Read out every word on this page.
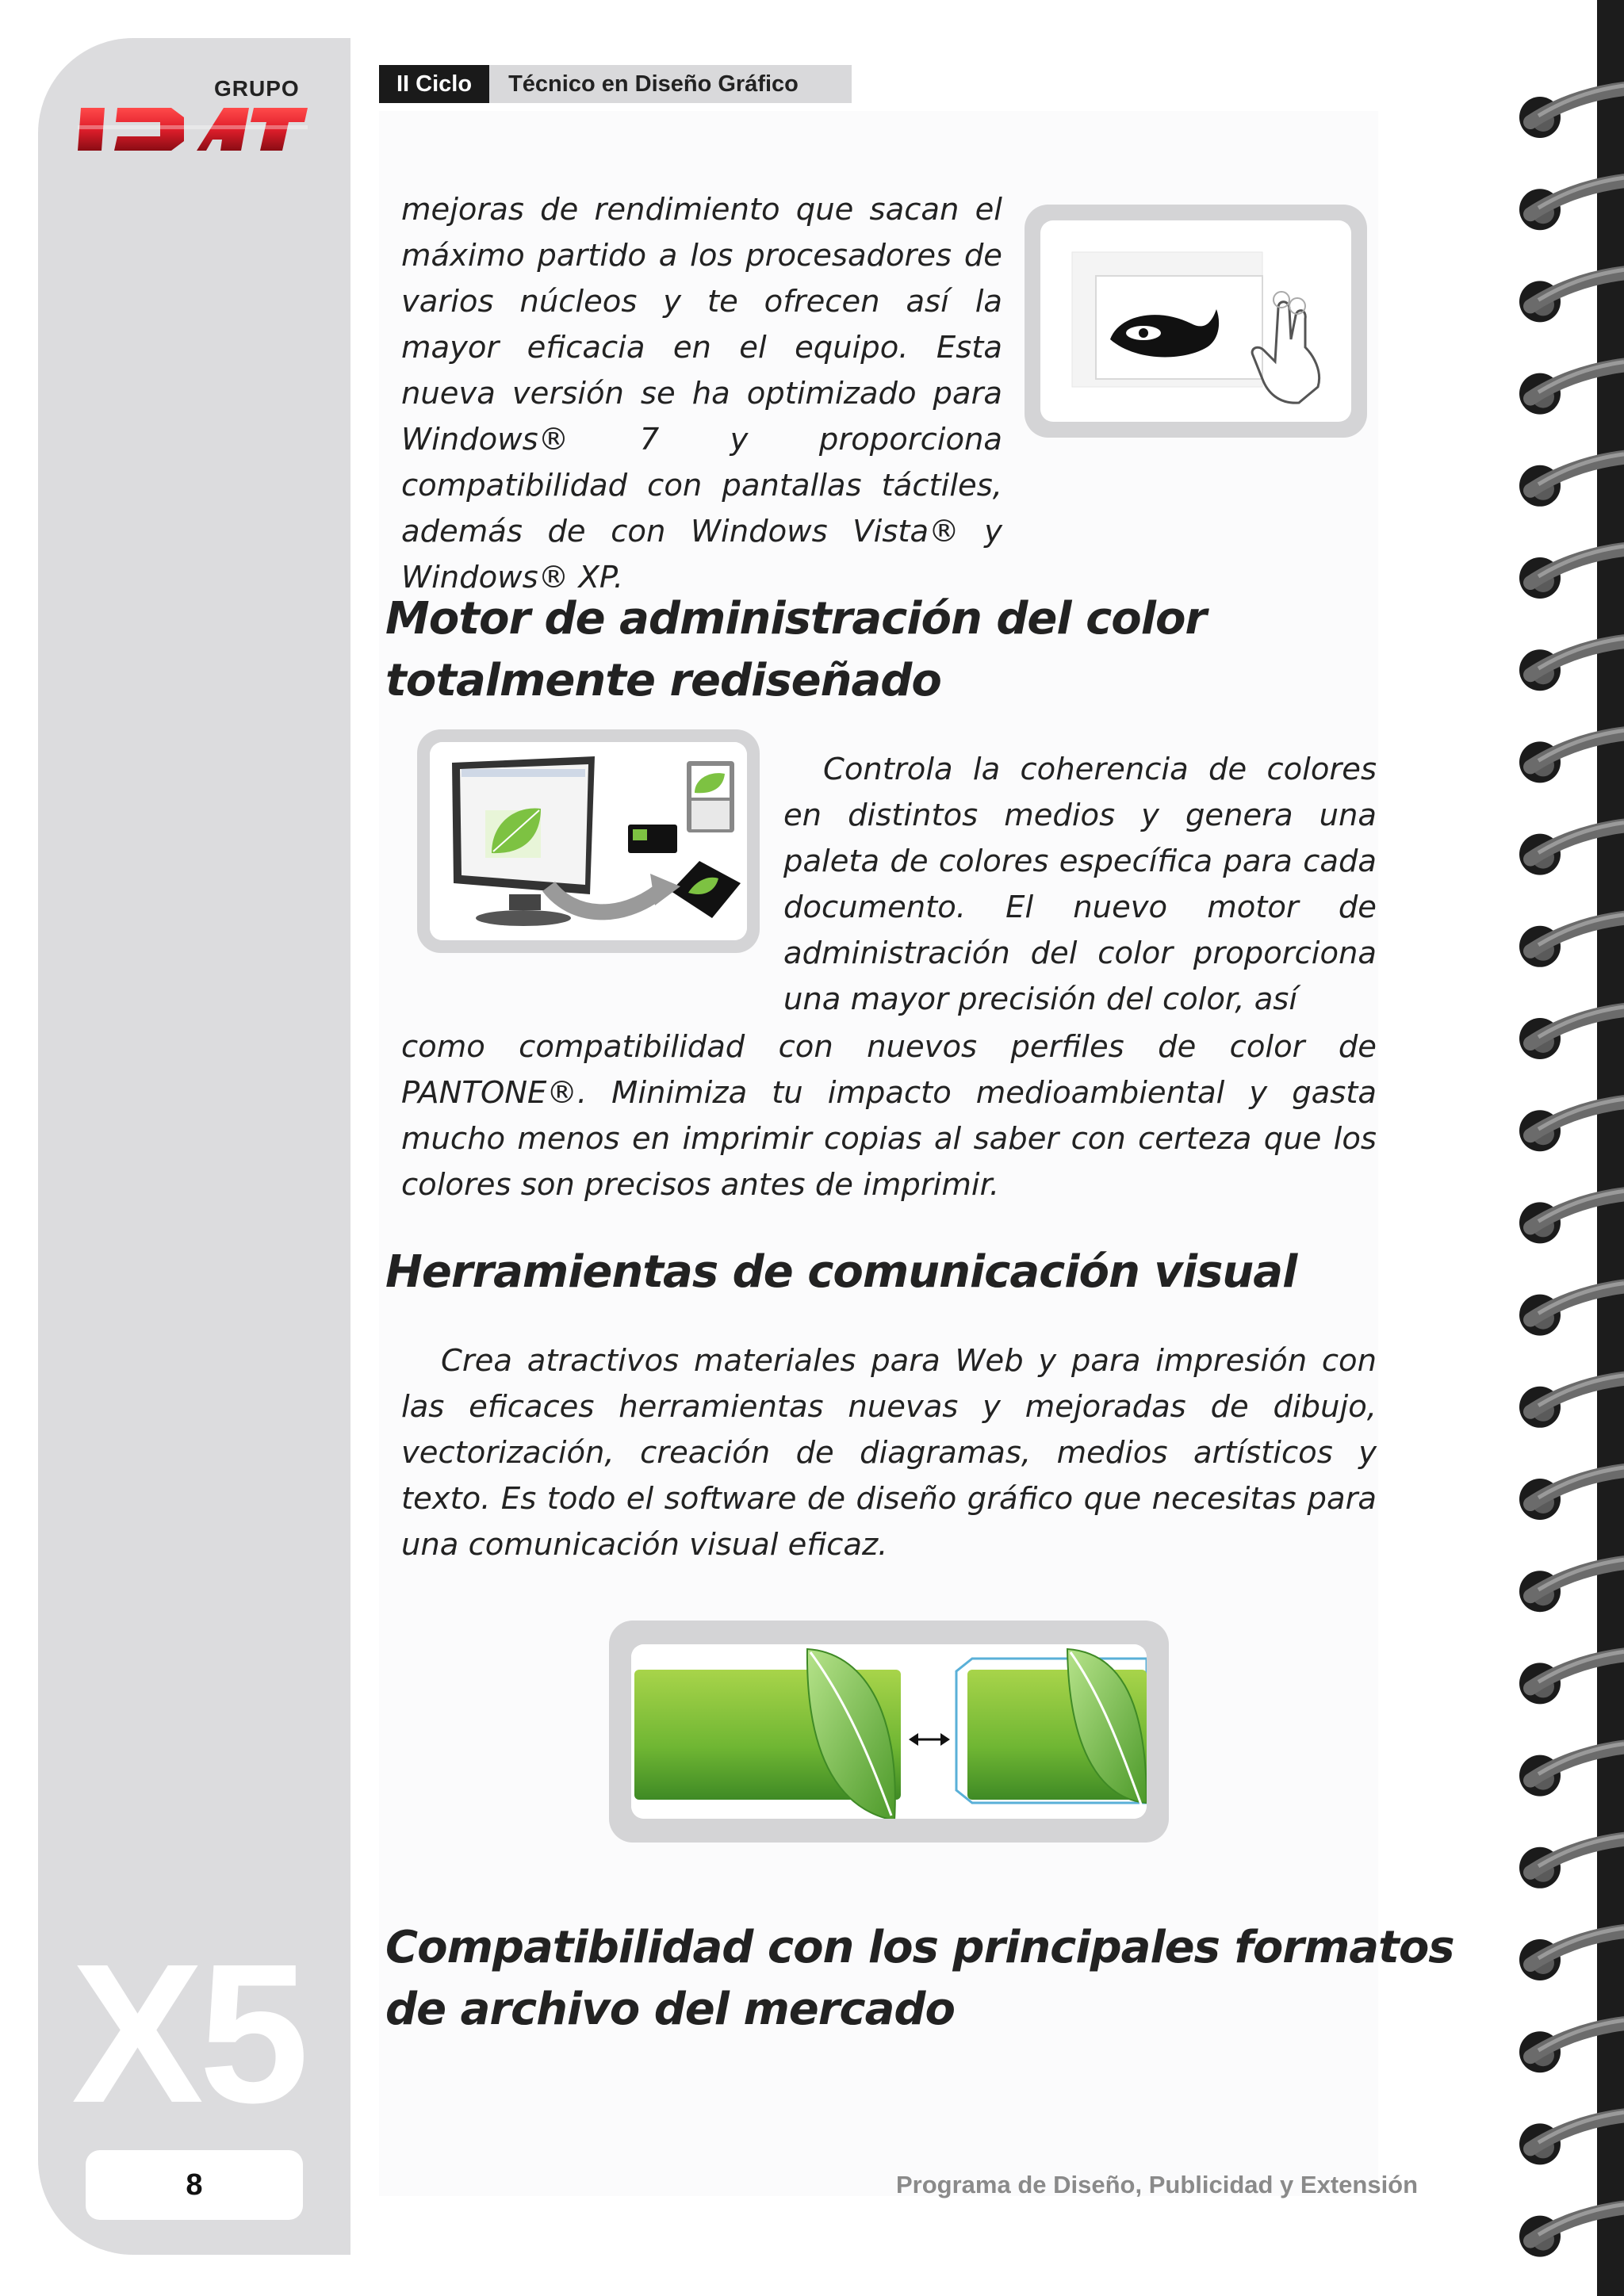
GRUPO
X5
8
II Ciclo	Técnico en Diseño Gráfico
mejoras de rendimiento que sacan el máximo partido a los procesadores de varios núcleos y te ofrecen así la mayor eficacia en el equipo. Esta nueva versión se ha optimizado para Windows® 7 y proporciona compatibilidad con pantallas táctiles, además de con Windows Vista® y Windows® XP.
Motor de administración del color
totalmente rediseñado
Controla la coherencia de colores en distintos medios y genera una paleta de colores específica para cada documento. El nuevo motor de administración del color proporciona una mayor precisión del color, así
como compatibilidad con nuevos perfiles de color de PANTONE®. Minimiza tu impacto medioambiental y gasta mucho menos en imprimir copias al saber con certeza que los colores son precisos antes de imprimir.
Herramientas de comunicación visual
Crea atractivos materiales para Web y para impresión con las eficaces herramientas nuevas y mejoradas de dibujo, vectorización, creación de diagramas, medios artísticos y texto. Es todo el software de diseño gráfico que necesitas para una comunicación visual eficaz.
Compatibilidad con los principales formatos
de archivo del mercado
Programa de Diseño, Publicidad y Extensión
